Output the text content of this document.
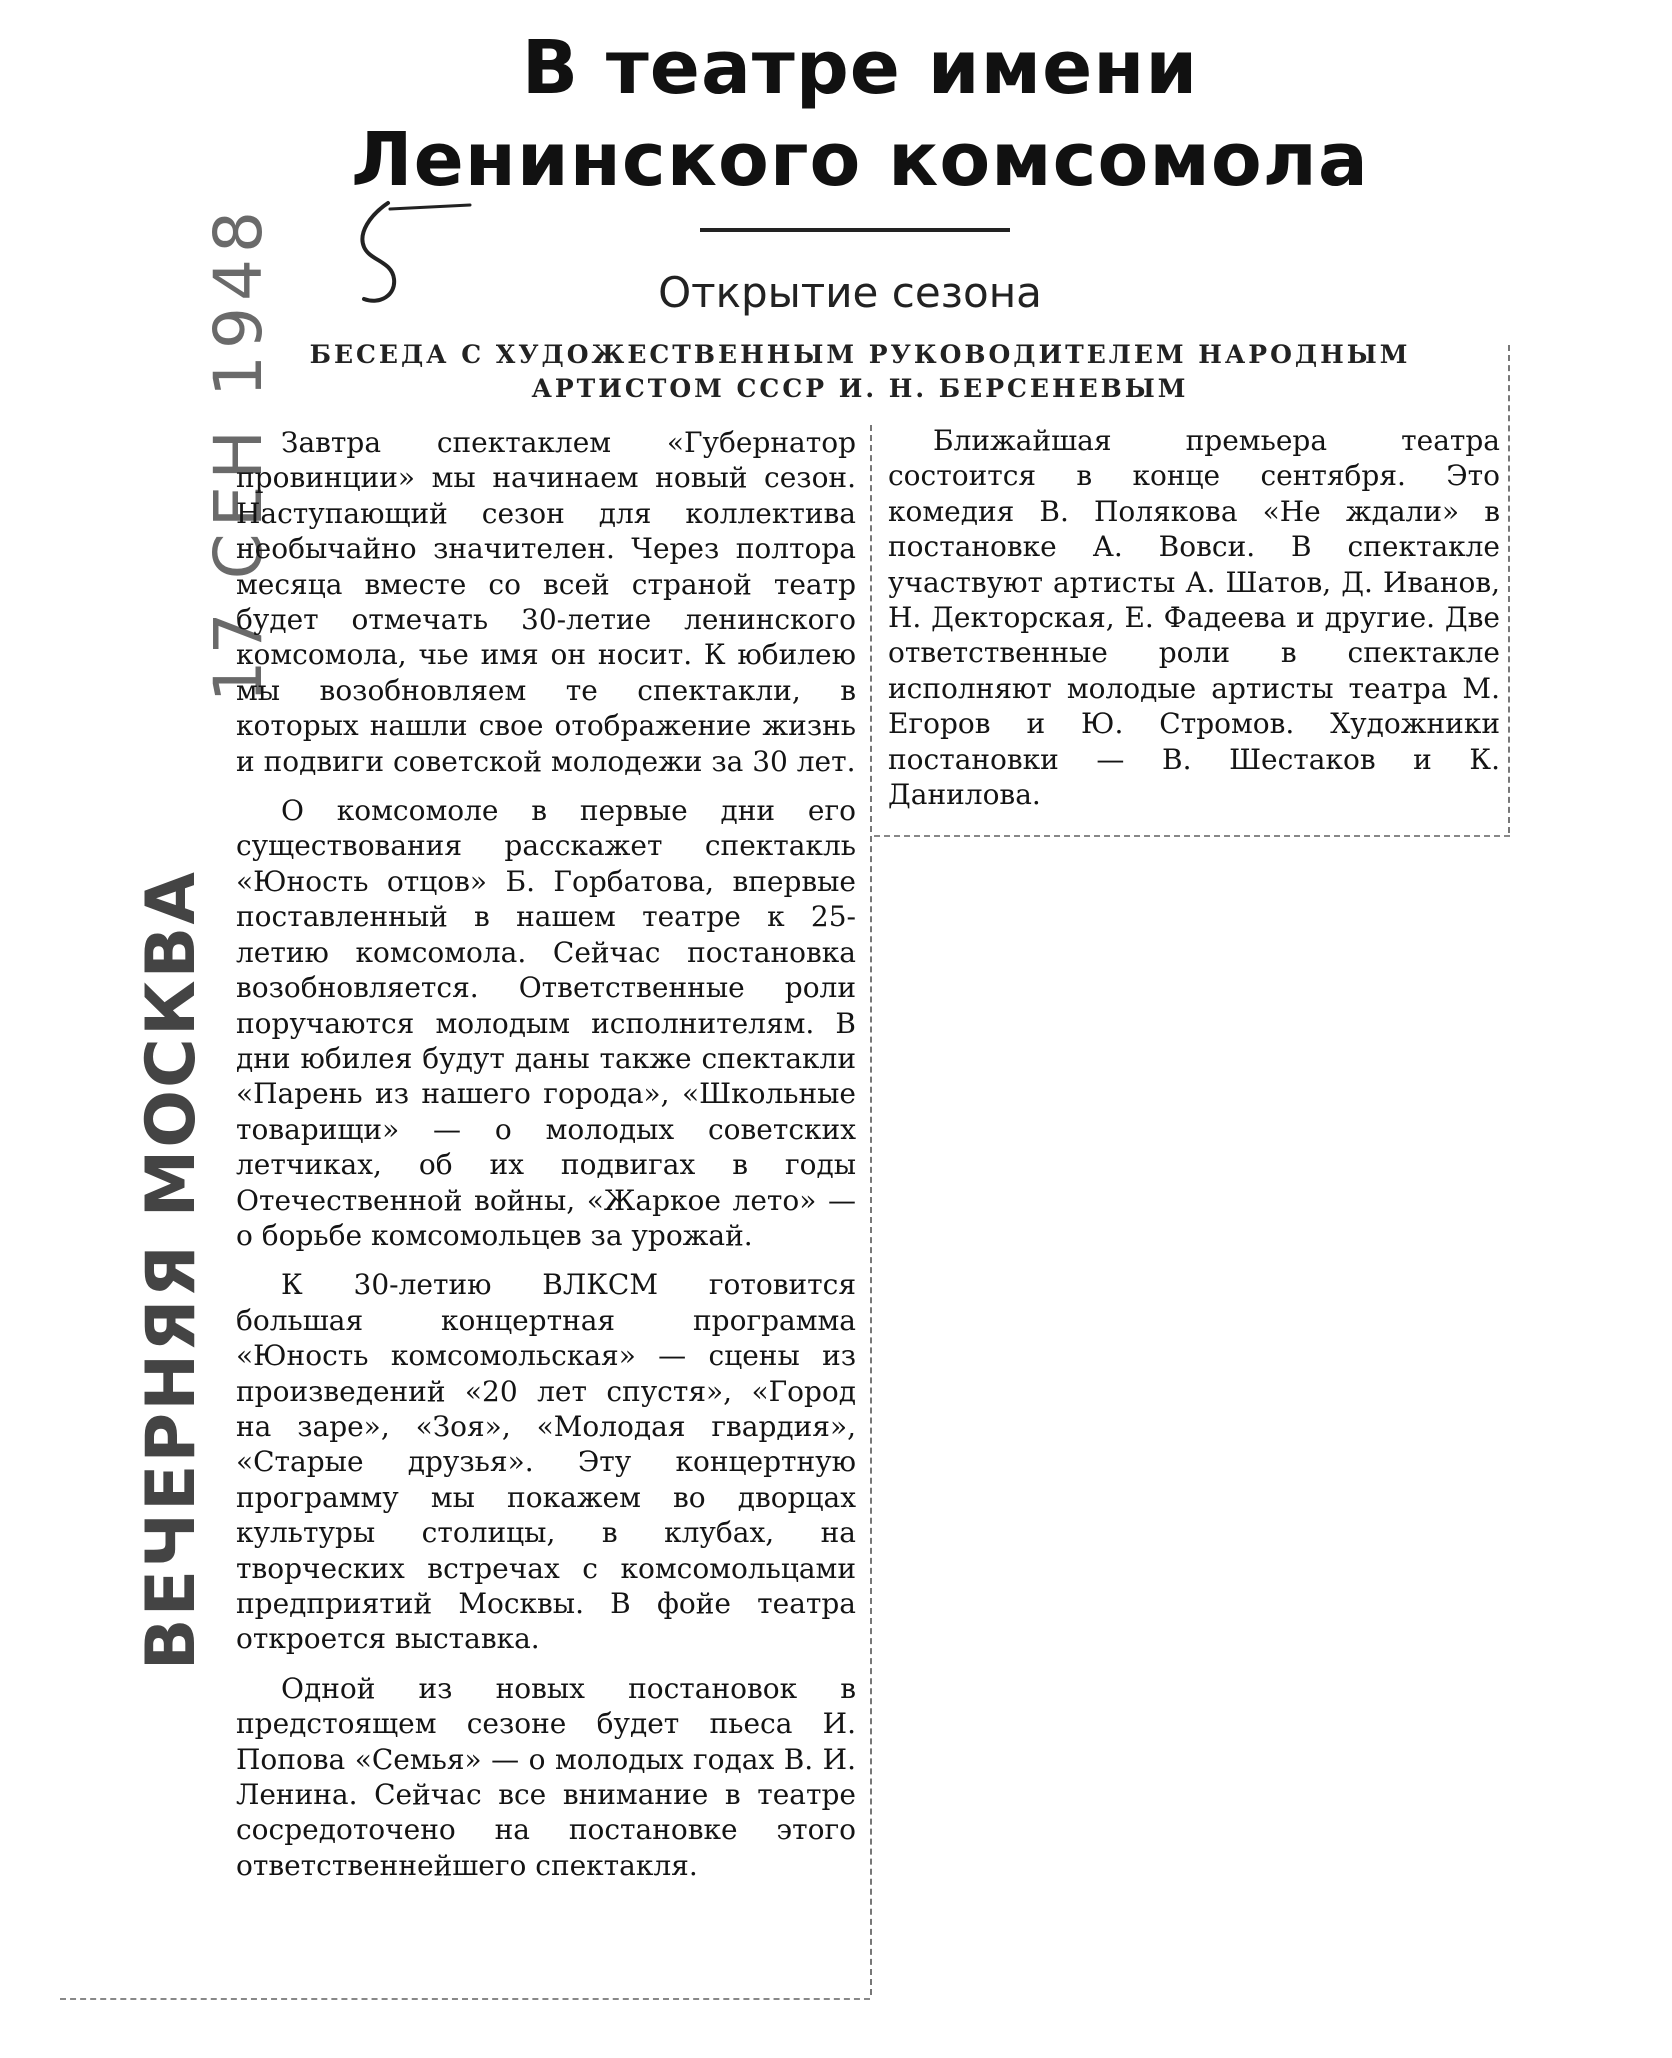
17 СЕН 1948
ВЕЧЕРНЯЯ МОСКВА
В театре имени Ленинского комсомола
Открытие сезона
БЕСЕДА С ХУДОЖЕСТВЕННЫМ РУКОВОДИТЕЛЕМ НАРОДНЫМ АРТИСТОМ СССР И. Н. БЕРСЕНЕВЫМ

Завтра спектаклем «Губернатор провинции» мы начинаем новый сезон. Наступающий сезон для коллектива необычайно значителен. Через полтора месяца вместе со всей страной театр будет отмечать 30-летие ленинского комсомола, чье имя он носит. К юбилею мы возобновляем те спектакли, в которых нашли свое отображение жизнь и подвиги советской молодежи за 30 лет.

О комсомоле в первые дни его существования расскажет спектакль «Юность отцов» Б. Горбатова, впервые поставленный в нашем театре к 25-летию комсомола. Сейчас постановка возобновляется. Ответственные роли поручаются молодым исполнителям. В дни юбилея будут даны также спектакли «Парень из нашего города», «Школьные товарищи» — о молодых советских летчиках, об их подвигах в годы Отечественной войны, «Жаркое лето» — о борьбе комсомольцев за урожай.

К 30-летию ВЛКСМ готовится большая концертная программа «Юность комсомольская» — сцены из произведений «20 лет спустя», «Город на заре», «Зоя», «Молодая гвардия», «Старые друзья». Эту концертную программу мы покажем во дворцах культуры столицы, в клубах, на творческих встречах с комсомольцами предприятий Москвы. В фойе театра откроется выставка.

Одной из новых постановок в предстоящем сезоне будет пьеса И. Попова «Семья» — о молодых годах В. И. Ленина. Сейчас все внимание в театре сосредоточено на постановке этого ответственнейшего спектакля.

Ближайшая премьера театра состоится в конце сентября. Это комедия В. Полякова «Не ждали» в постановке А. Вовси. В спектакле участвуют артисты А. Шатов, Д. Иванов, Н. Декторская, Е. Фадеева и другие. Две ответственные роли в спектакле исполняют молодые артисты театра М. Егоров и Ю. Стромов. Художники постановки — В. Шестаков и К. Данилова.
